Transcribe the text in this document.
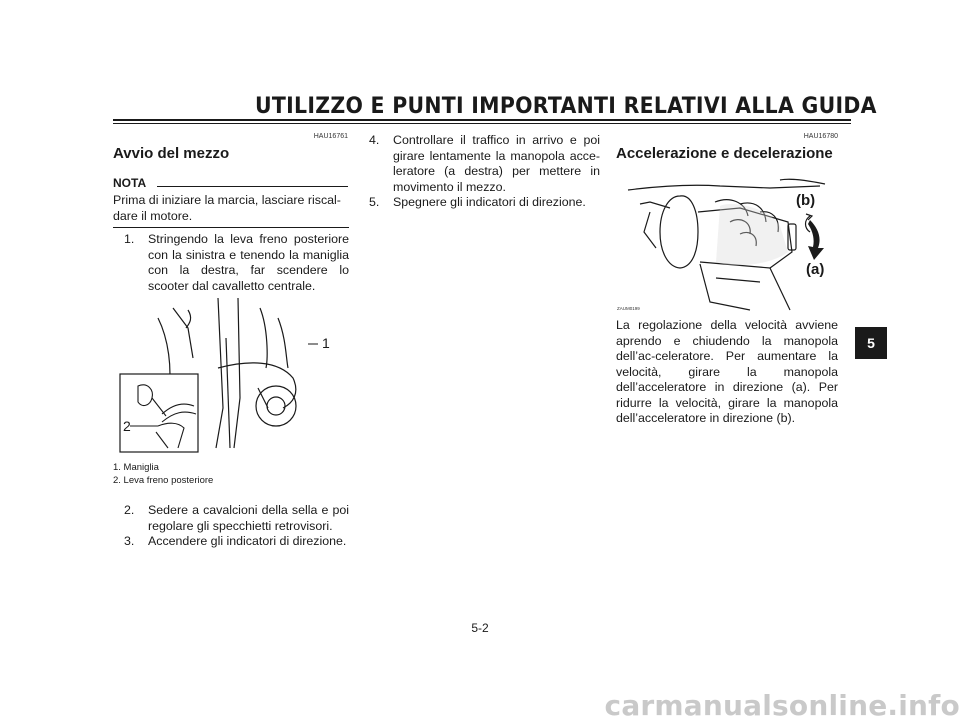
UTILIZZO E PUNTI IMPORTANTI RELATIVI ALLA GUIDA
HAU16761
Avvio del mezzo
NOTA
Prima di iniziare la marcia, lasciare riscal-dare il motore.
1. Stringendo la leva freno posteriore con la sinistra e tenendo la maniglia con la destra, far scendere lo scooter dal cavalletto centrale.
1
2
1. Maniglia
2. Leva freno posteriore
2. Sedere a cavalcioni della sella e poi regolare gli specchietti retrovisori.
3. Accendere gli indicatori di direzione.
4. Controllare il traffico in arrivo e poi girare lentamente la manopola acce-leratore (a destra) per mettere in movimento il mezzo.
5. Spegnere gli indicatori di direzione.
HAU16780
Accelerazione e decelerazione
(b)
(a)
ZAUM0199
La regolazione della velocità avviene aprendo e chiudendo la manopola dell’ac-celeratore. Per aumentare la velocità, girare la manopola dell’acceleratore in direzione (a). Per ridurre la velocità, girare la manopola dell’acceleratore in direzione (b).
5
5-2
carmanualsonline.info
